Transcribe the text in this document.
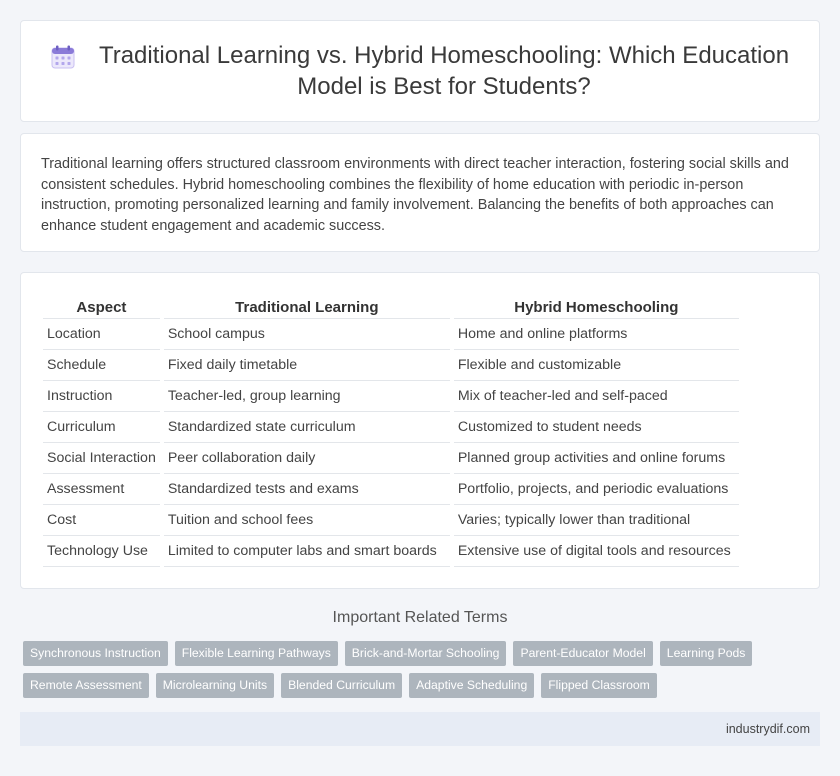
Traditional Learning vs. Hybrid Homeschooling: Which Education Model is Best for Students?

Traditional learning offers structured classroom environments with direct teacher interaction, fostering social skills and consistent schedules. Hybrid homeschooling combines the flexibility of home education with periodic in-person instruction, promoting personalized learning and family involvement. Balancing the benefits of both approaches can enhance student engagement and academic success.

Aspect	Traditional Learning	Hybrid Homeschooling
Location	School campus	Home and online platforms
Schedule	Fixed daily timetable	Flexible and customizable
Instruction	Teacher-led, group learning	Mix of teacher-led and self-paced
Curriculum	Standardized state curriculum	Customized to student needs
Social Interaction	Peer collaboration daily	Planned group activities and online forums
Assessment	Standardized tests and exams	Portfolio, projects, and periodic evaluations
Cost	Tuition and school fees	Varies; typically lower than traditional
Technology Use	Limited to computer labs and smart boards	Extensive use of digital tools and resources
Important Related Terms
Synchronous Instruction	Flexible Learning Pathways	Brick-and-Mortar Schooling	Parent-Educator Model	Learning Pods
Remote Assessment	Microlearning Units	Blended Curriculum	Adaptive Scheduling	Flipped Classroom
industrydif.com
